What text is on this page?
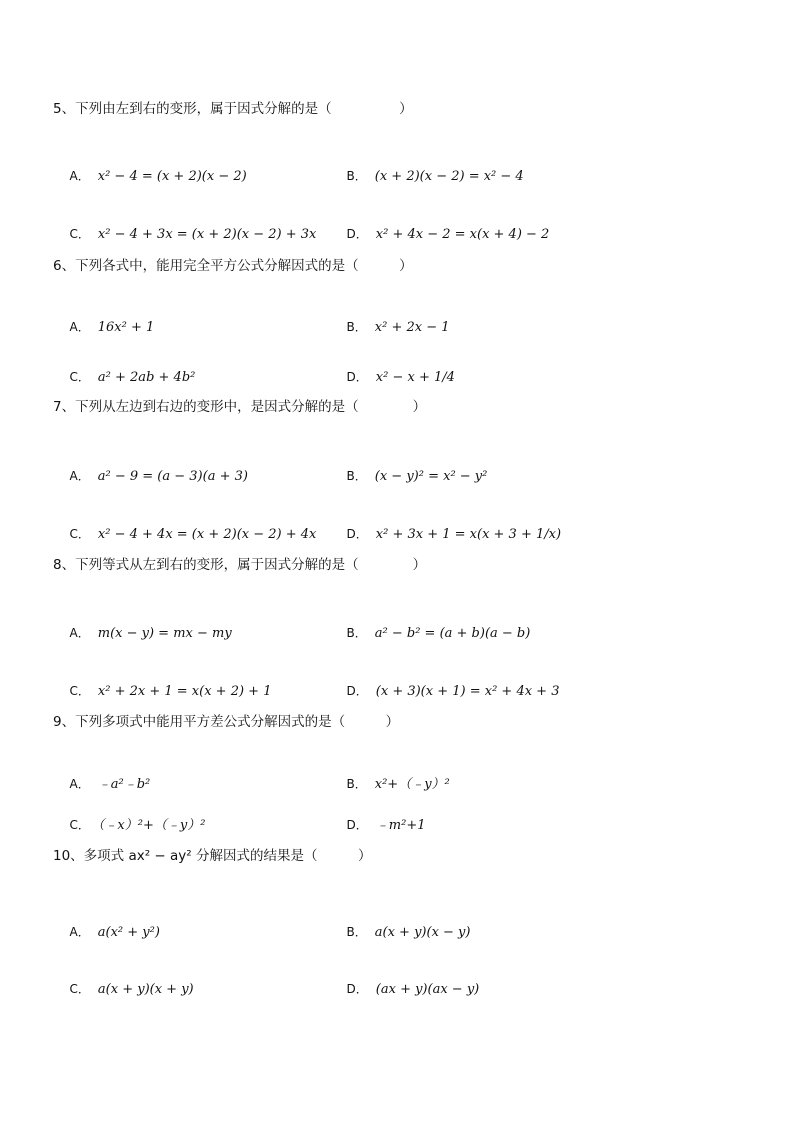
5、下列由左到右的变形，属于因式分解的是（　　　　　）

A． x² − 4 = (x + 2)(x − 2)
	B． (x + 2)(x − 2) = x² − 4

C． x² − 4 + 3x = (x + 2)(x − 2) + 3x
	D． x² + 4x − 2 = x(x + 4) − 2

6、下列各式中，能用完全平方公式分解因式的是（　　　）

A． 16x² + 1
	B． x² + 2x − 1

C． a² + 2ab + 4b²
	D． x² − x + 1/4

7、下列从左边到右边的变形中，是因式分解的是（　　　　）

A． a² − 9 = (a − 3)(a + 3)
	B． (x − y)² = x² − y²

C． x² − 4 + 4x = (x + 2)(x − 2) + 4x
	D． x² + 3x + 1 = x(x + 3 + 1/x)

8、下列等式从左到右的变形，属于因式分解的是（　　　　）

A． m(x − y) = mx − my
	B． a² − b² = (a + b)(a − b)

C． x² + 2x + 1 = x(x + 2) + 1
	D． (x + 3)(x + 1) = x² + 4x + 3

9、下列多项式中能用平方差公式分解因式的是（　　　）

A． ﹣a²﹣b²
	B． x²+（﹣y）²

C． （﹣x）²+（﹣y）²
	D． ﹣m²+1

10、多项式 ax² − ay² 分解因式的结果是（　　　）

A． a(x² + y²)
	B． a(x + y)(x − y)

C． a(x + y)(x + y)
	D． (ax + y)(ax − y)
